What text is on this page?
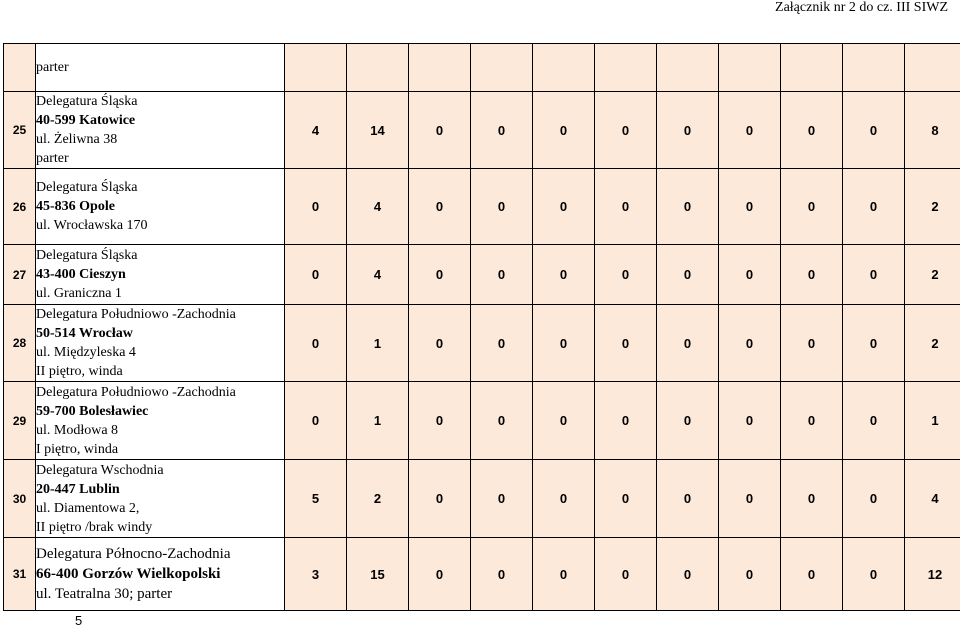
Załącznik nr 2 do cz. III SIWZ

	parter											

25	Delegatura Śląska
40-599 Katowice
ul. Żeliwna 38
parter	4	14	0	0	0	0	0	0	0	0	8
26	Delegatura Śląska
45-836 Opole
ul. Wrocławska 170	0	4	0	0	0	0	0	0	0	0	2
27	Delegatura Śląska
43-400 Cieszyn
ul. Graniczna 1	0	4	0	0	0	0	0	0	0	0	2
28	Delegatura Południowo -Zachodnia
50-514 Wrocław
ul. Międzyleska 4
II piętro, winda	0	1	0	0	0	0	0	0	0	0	2
29	Delegatura Południowo -Zachodnia
59-700 Bolesławiec
ul. Modłowa 8
I piętro, winda	0	1	0	0	0	0	0	0	0	0	1
30	Delegatura Wschodnia
20-447 Lublin
ul. Diamentowa 2,
II piętro /brak windy	5	2	0	0	0	0	0	0	0	0	4
31	Delegatura Północno-Zachodnia
66-400 Gorzów Wielkopolski
ul. Teatralna 30; parter	3	15	0	0	0	0	0	0	0	0	12
5
